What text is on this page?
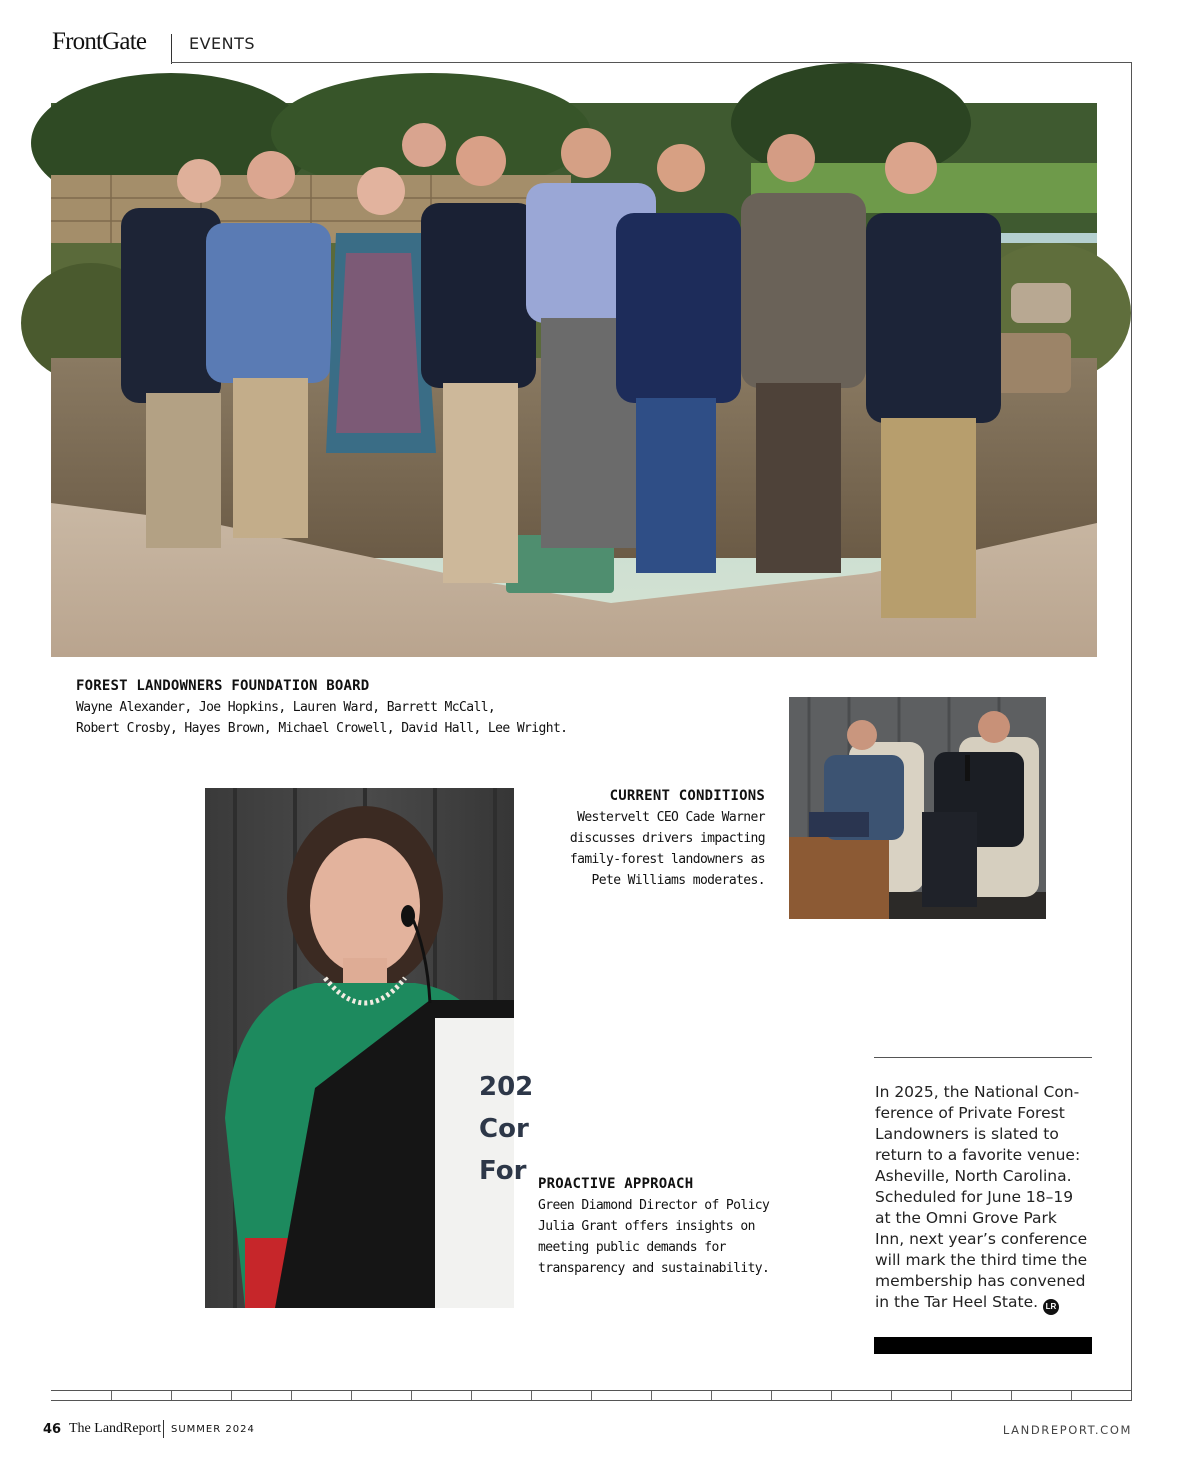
FrontGate	EVENTS
FOREST LANDOWNERS FOUNDATION BOARD
Wayne Alexander, Joe Hopkins, Lauren Ward, Barrett McCall,
Robert Crosby, Hayes Brown, Michael Crowell, David Hall, Lee Wright.
CURRENT CONDITIONS
Westervelt CEO Cade Warner
discusses drivers impacting
family-forest landowners as
Pete Williams moderates.
202
Cor
For PROACTIVE APPROACH
Green Diamond Director of Policy
Julia Grant offers insights on
meeting public demands for
transparency and sustainability.
In 2025, the National Con-
ference of Private Forest
Landowners is slated to
return to a favorite venue:
Asheville, North Carolina.
Scheduled for June 18–19
at the Omni Grove Park
Inn, next year’s conference
will mark the third time the
membership has convened
in the Tar Heel State. LR
46 The LandReport SUMMER 2024	LANDREPORT.COM
